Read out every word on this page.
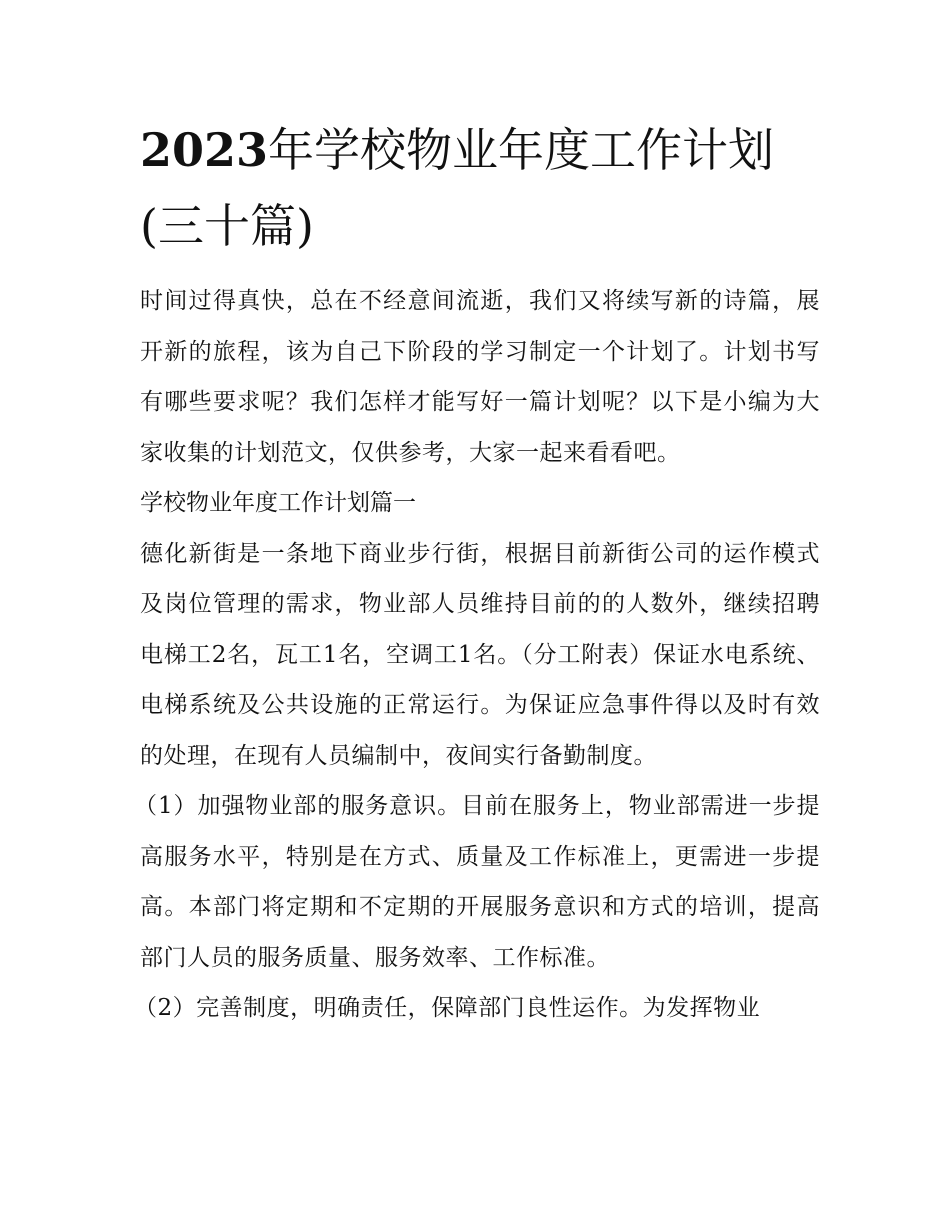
2023年学校物业年度工作计划(三十篇)

时间过得真快，总在不经意间流逝，我们又将续写新的诗篇，展开新的旅程，该为自己下阶段的学习制定一个计划了。计划书写有哪些要求呢？我们怎样才能写好一篇计划呢？以下是小编为大家收集的计划范文，仅供参考，大家一起来看看吧。

学校物业年度工作计划篇一

德化新街是一条地下商业步行街，根据目前新街公司的运作模式及岗位管理的需求，物业部人员维持目前的的人数外，继续招聘电梯工2名，瓦工1名，空调工1名。（分工附表）保证水电系统、电梯系统及公共设施的正常运行。为保证应急事件得以及时有效的处理，在现有人员编制中，夜间实行备勤制度。

（1）加强物业部的服务意识。目前在服务上，物业部需进一步提高服务水平，特别是在方式、质量及工作标准上，更需进一步提高。本部门将定期和不定期的开展服务意识和方式的培训，提高部门人员的服务质量、服务效率、工作标准。

（2）完善制度，明确责任，保障部门良性运作。为发挥物业
